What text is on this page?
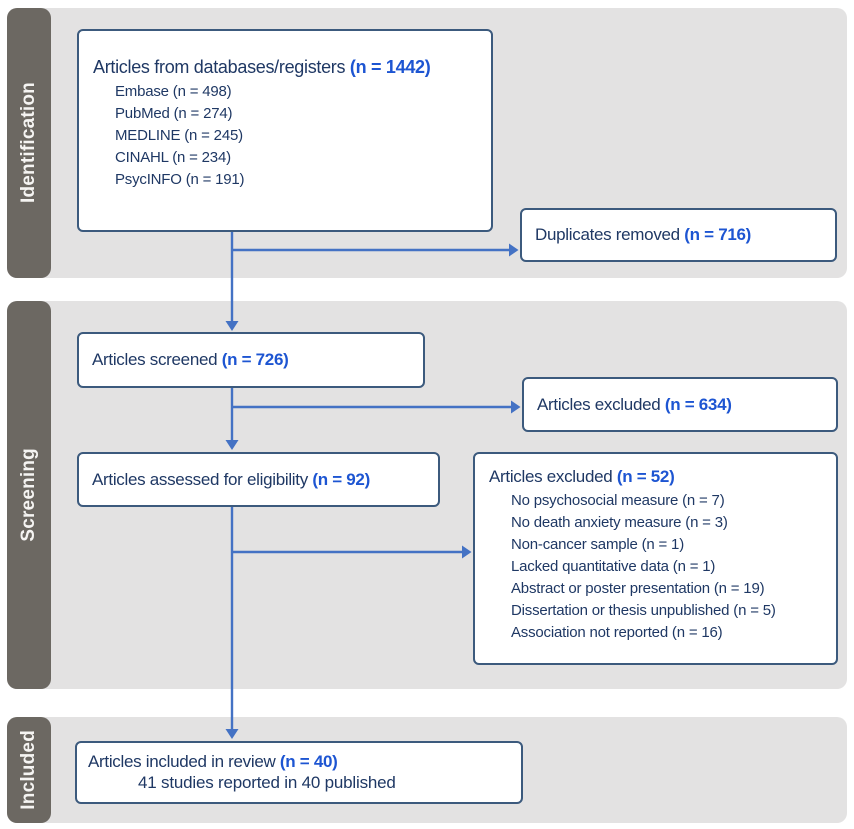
Identification
Screening
Included
Articles from databases/registers (n = 1442)
Embase (n = 498)
PubMed (n = 274)
MEDLINE (n = 245)
CINAHL (n = 234)
PsycINFO (n = 191)
Duplicates removed (n = 716)
Articles screened (n = 726)
Articles excluded (n = 634)
Articles assessed for eligibility (n = 92)	Articles excluded (n = 52)
No psychosocial measure (n = 7)
No death anxiety measure (n = 3)
Non-cancer sample (n = 1)
Lacked quantitative data (n = 1)
Abstract or poster presentation (n = 19)
Dissertation or thesis unpublished (n = 5)
Association not reported (n = 16)
Articles included in review (n = 40)
41 studies reported in 40 published
